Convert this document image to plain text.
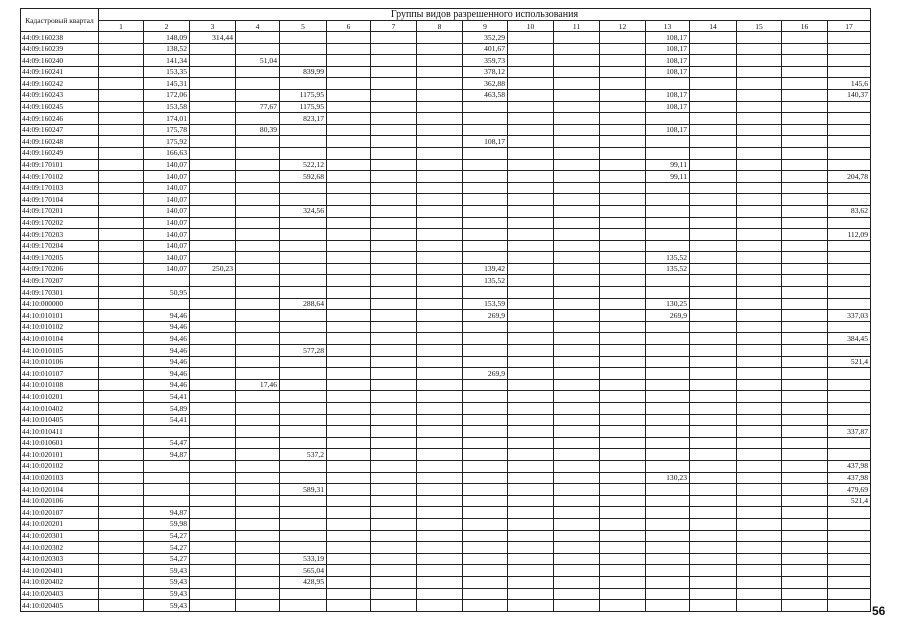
Кадастровый квартал	Группы видов разрешенного использования																
	1	2	3	4	5	6	7	8	9	10	11	12	13	14	15	16	17
44:09:160238		148,09	314,44						352,29				108,17				
44:09:160239		138,52							401,67				108,17				
44:09:160240		141,34		51,04					359,73				108,17				
44:09:160241		153,35			839,99				378,12				108,17				
44:09:160242		145,31							362,88								145,6
44:09:160243		172,06			1175,95				463,58				108,17				140,37
44:09:160245		153,58		77,67	1175,95								108,17				
44:09:160246		174,01			823,17												
44:09:160247		175,78		80,39									108,17				
44:09:160248		175,92							108,17								
44:09:160249		166,63															
44:09:170101		140,07			522,12								99,11				
44:09:170102		140,07			592,68								99,11				204,78
44:09:170103		140,07															
44:09:170104		140,07															
44:09:170201		140,07			324,56												83,62
44:09:170202		140,07															
44:09:170203		140,07															112,09
44:09:170204		140,07															
44:09:170205		140,07											135,52				
44:09:170206		140,07	250,23						139,42				135,52				
44:09:170207									135,52								
44:09:170301		50,95															
44:10:000000					288,64				153,59				130,25				
44:10:010101		94,46							269,9				269,9				337,03
44:10:010102		94,46															
44:10:010104		94,46															384,45
44:10:010105		94,46			577,28												
44:10:010106		94,46															521,4
44:10:010107		94,46							269,9								
44:10:010108		94,46		17,46													
44:10:010201		54,41															
44:10:010402		54,89															
44:10:010405		54,41															
44:10:010411																	337,87
44:10:010601		54,47															
44:10:020101		94,87			537,2												
44:10:020102																	437,98
44:10:020103													130,23				437,98
44:10:020104					589,31												479,69
44:10:020106																	521,4
44:10:020107		94,87															
44:10:020201		59,98															
44:10:020301		54,27															
44:10:020302		54,27															
44:10:020303		54,27			533,19												
44:10:020401		59,43			565,04												
44:10:020402		59,43			428,95												
44:10:020403		59,43															
44:10:020405		59,43																56
